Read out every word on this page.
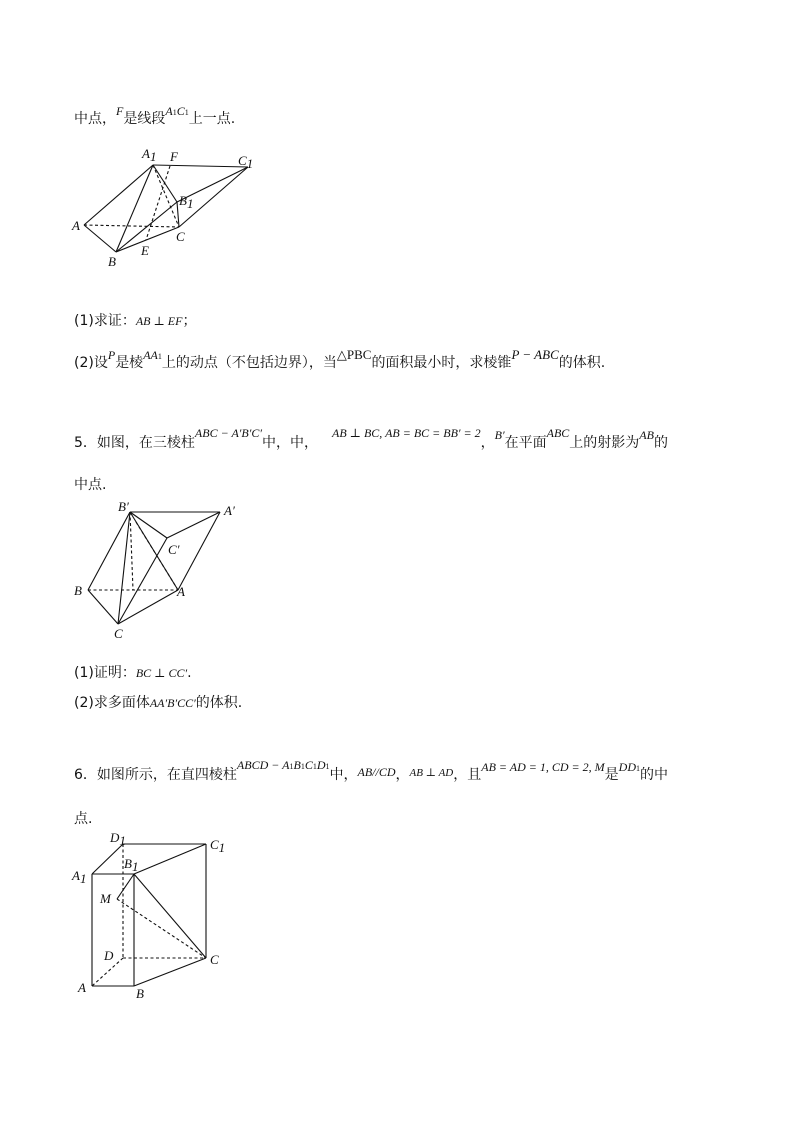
中点，F是线段A1C1上一点.
A1 F	C1
B1
A
C
E
B
(1)求证：AB ⊥ EF；
(2)设P是棱AA1上的动点（不包括边界），当△PBC的面积最小时，求棱锥P − ABC的体积.
5．如图，在三棱柱ABC − A′B′C′中，中，AB ⊥ BC, AB = BC = BB′ = 2，B′在平面ABC上的射影为AB的
中点.
B′	A′
C′
B	A
C
(1)证明：BC ⊥ CC′.
(2)求多面体AA′B′CC′的体积.
6．如图所示，在直四棱柱ABCD − A1B1C1D1中，AB//CD，$^{AB \perp AD}$，且AB = AD = 1, CD = 2, M是DD1的中
点.
D1	C1
B1
A1
M
D	C
A	B
